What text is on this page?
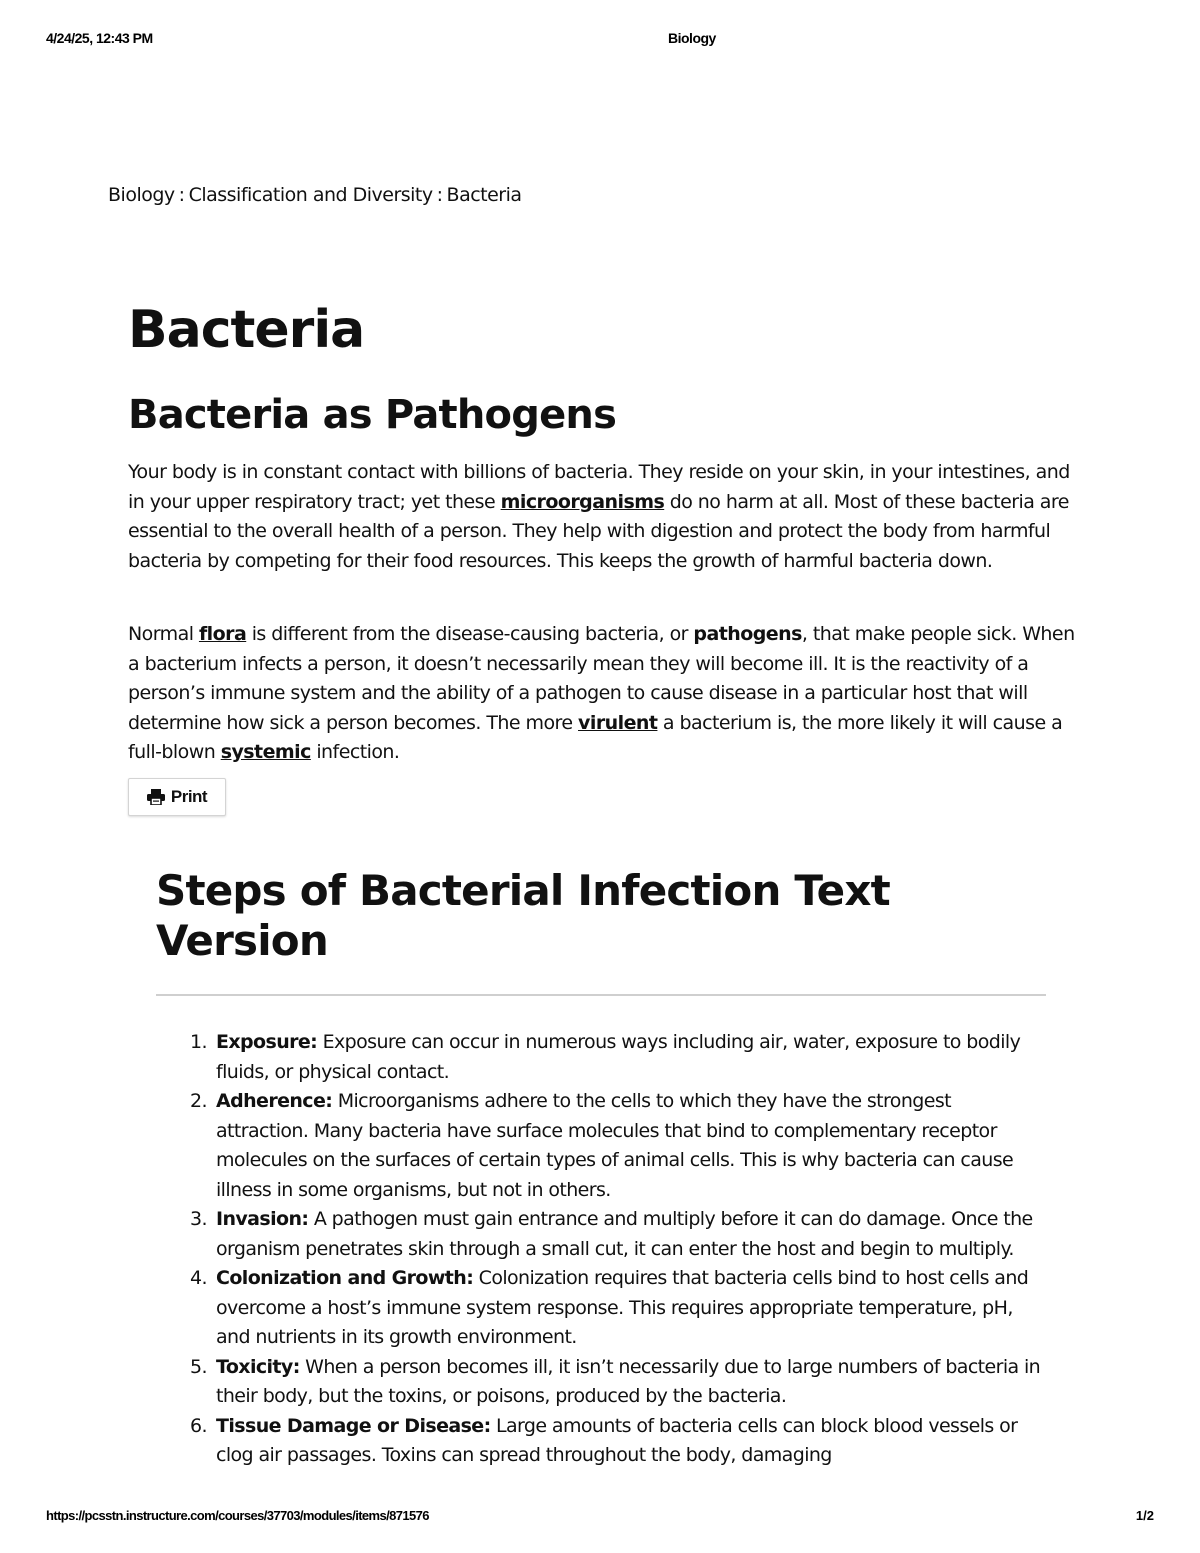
4/24/25, 12:43 PM	Biology
Biology : Classification and Diversity : Bacteria
Bacteria
Bacteria as Pathogens

Your body is in constant contact with billions of bacteria. They reside on your skin, in your intestines, and in your upper respiratory tract; yet these microorganisms do no harm at all. Most of these bacteria are essential to the overall health of a person. They help with digestion and protect the body from harmful bacteria by competing for their food resources. This keeps the growth of harmful bacteria down.

Normal flora is different from the disease-causing bacteria, or pathogens, that make people sick. When a bacterium infects a person, it doesn’t necessarily mean they will become ill. It is the reactivity of a person’s immune system and the ability of a pathogen to cause disease in a particular host that will determine how sick a person becomes. The more virulent a bacterium is, the more likely it will cause a full-blown systemic infection.

Print
Steps of Bacterial Infection Text Version
1. Exposure: Exposure can occur in numerous ways including air, water, exposure to bodily fluids, or physical contact.
2. Adherence: Microorganisms adhere to the cells to which they have the strongest attraction. Many bacteria have surface molecules that bind to complementary receptor molecules on the surfaces of certain types of animal cells. This is why bacteria can cause illness in some organisms, but not in others.
3. Invasion: A pathogen must gain entrance and multiply before it can do damage. Once the organism penetrates skin through a small cut, it can enter the host and begin to multiply.
4. Colonization and Growth: Colonization requires that bacteria cells bind to host cells and overcome a host’s immune system response. This requires appropriate temperature, pH, and nutrients in its growth environment.
5. Toxicity: When a person becomes ill, it isn’t necessarily due to large numbers of bacteria in their body, but the toxins, or poisons, produced by the bacteria.
6. Tissue Damage or Disease: Large amounts of bacteria cells can block blood vessels or clog air passages. Toxins can spread throughout the body, damaging
https://pcsstn.instructure.com/courses/37703/modules/items/871576	1/2
